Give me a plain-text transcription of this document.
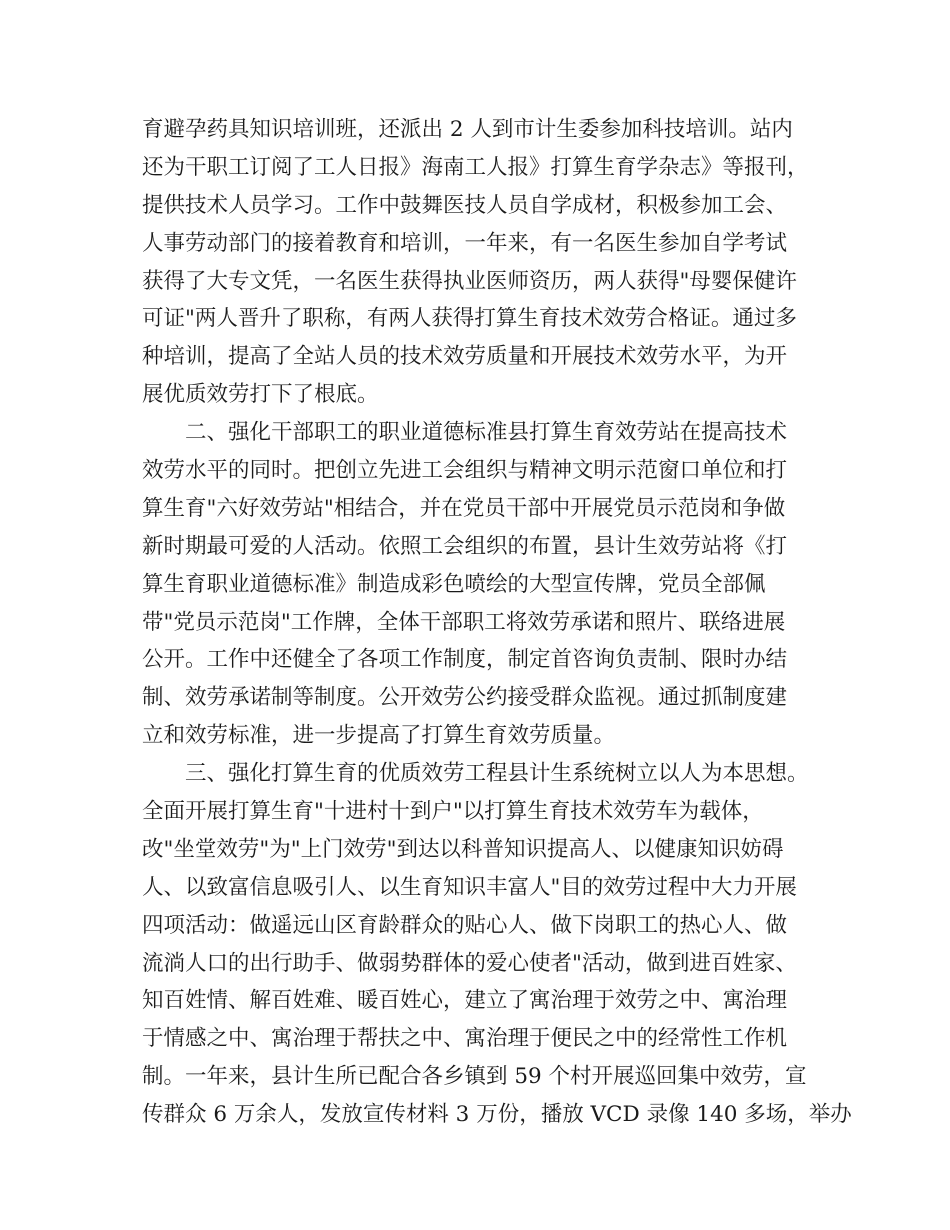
育避孕药具知识培训班，还派出 2 人到市计生委参加科技培训。站内
还为干职工订阅了工人日报》海南工人报》打算生育学杂志》等报刊，
提供技术人员学习。工作中鼓舞医技人员自学成材，积极参加工会、
人事劳动部门的接着教育和培训，一年来，有一名医生参加自学考试
获得了大专文凭，一名医生获得执业医师资历，两人获得"母婴保健许
可证"两人晋升了职称，有两人获得打算生育技术效劳合格证。通过多
种培训，提高了全站人员的技术效劳质量和开展技术效劳水平，为开
展优质效劳打下了根底。
　　二、强化干部职工的职业道德标准县打算生育效劳站在提高技术
效劳水平的同时。把创立先进工会组织与精神文明示范窗口单位和打
算生育"六好效劳站"相结合，并在党员干部中开展党员示范岗和争做
新时期最可爱的人活动。依照工会组织的布置，县计生效劳站将《打
算生育职业道德标准》制造成彩色喷绘的大型宣传牌，党员全部佩
带"党员示范岗"工作牌，全体干部职工将效劳承诺和照片、联络进展
公开。工作中还健全了各项工作制度，制定首咨询负责制、限时办结
制、效劳承诺制等制度。公开效劳公约接受群众监视。通过抓制度建
立和效劳标准，进一步提高了打算生育效劳质量。
　　三、强化打算生育的优质效劳工程县计生系统树立以人为本思想。
全面开展打算生育"十进村十到户"以打算生育技术效劳车为载体，
改"坐堂效劳"为"上门效劳"到达以科普知识提高人、以健康知识妨碍
人、以致富信息吸引人、以生育知识丰富人"目的效劳过程中大力开展
四项活动：做遥远山区育龄群众的贴心人、做下岗职工的热心人、做
流淌人口的出行助手、做弱势群体的爱心使者"活动，做到进百姓家、
知百姓情、解百姓难、暖百姓心，建立了寓治理于效劳之中、寓治理
于情感之中、寓治理于帮扶之中、寓治理于便民之中的经常性工作机
制。一年来，县计生所已配合各乡镇到 59 个村开展巡回集中效劳，宣
传群众 6 万余人，发放宣传材料 3 万份，播放 VCD 录像 140 多场，举办
